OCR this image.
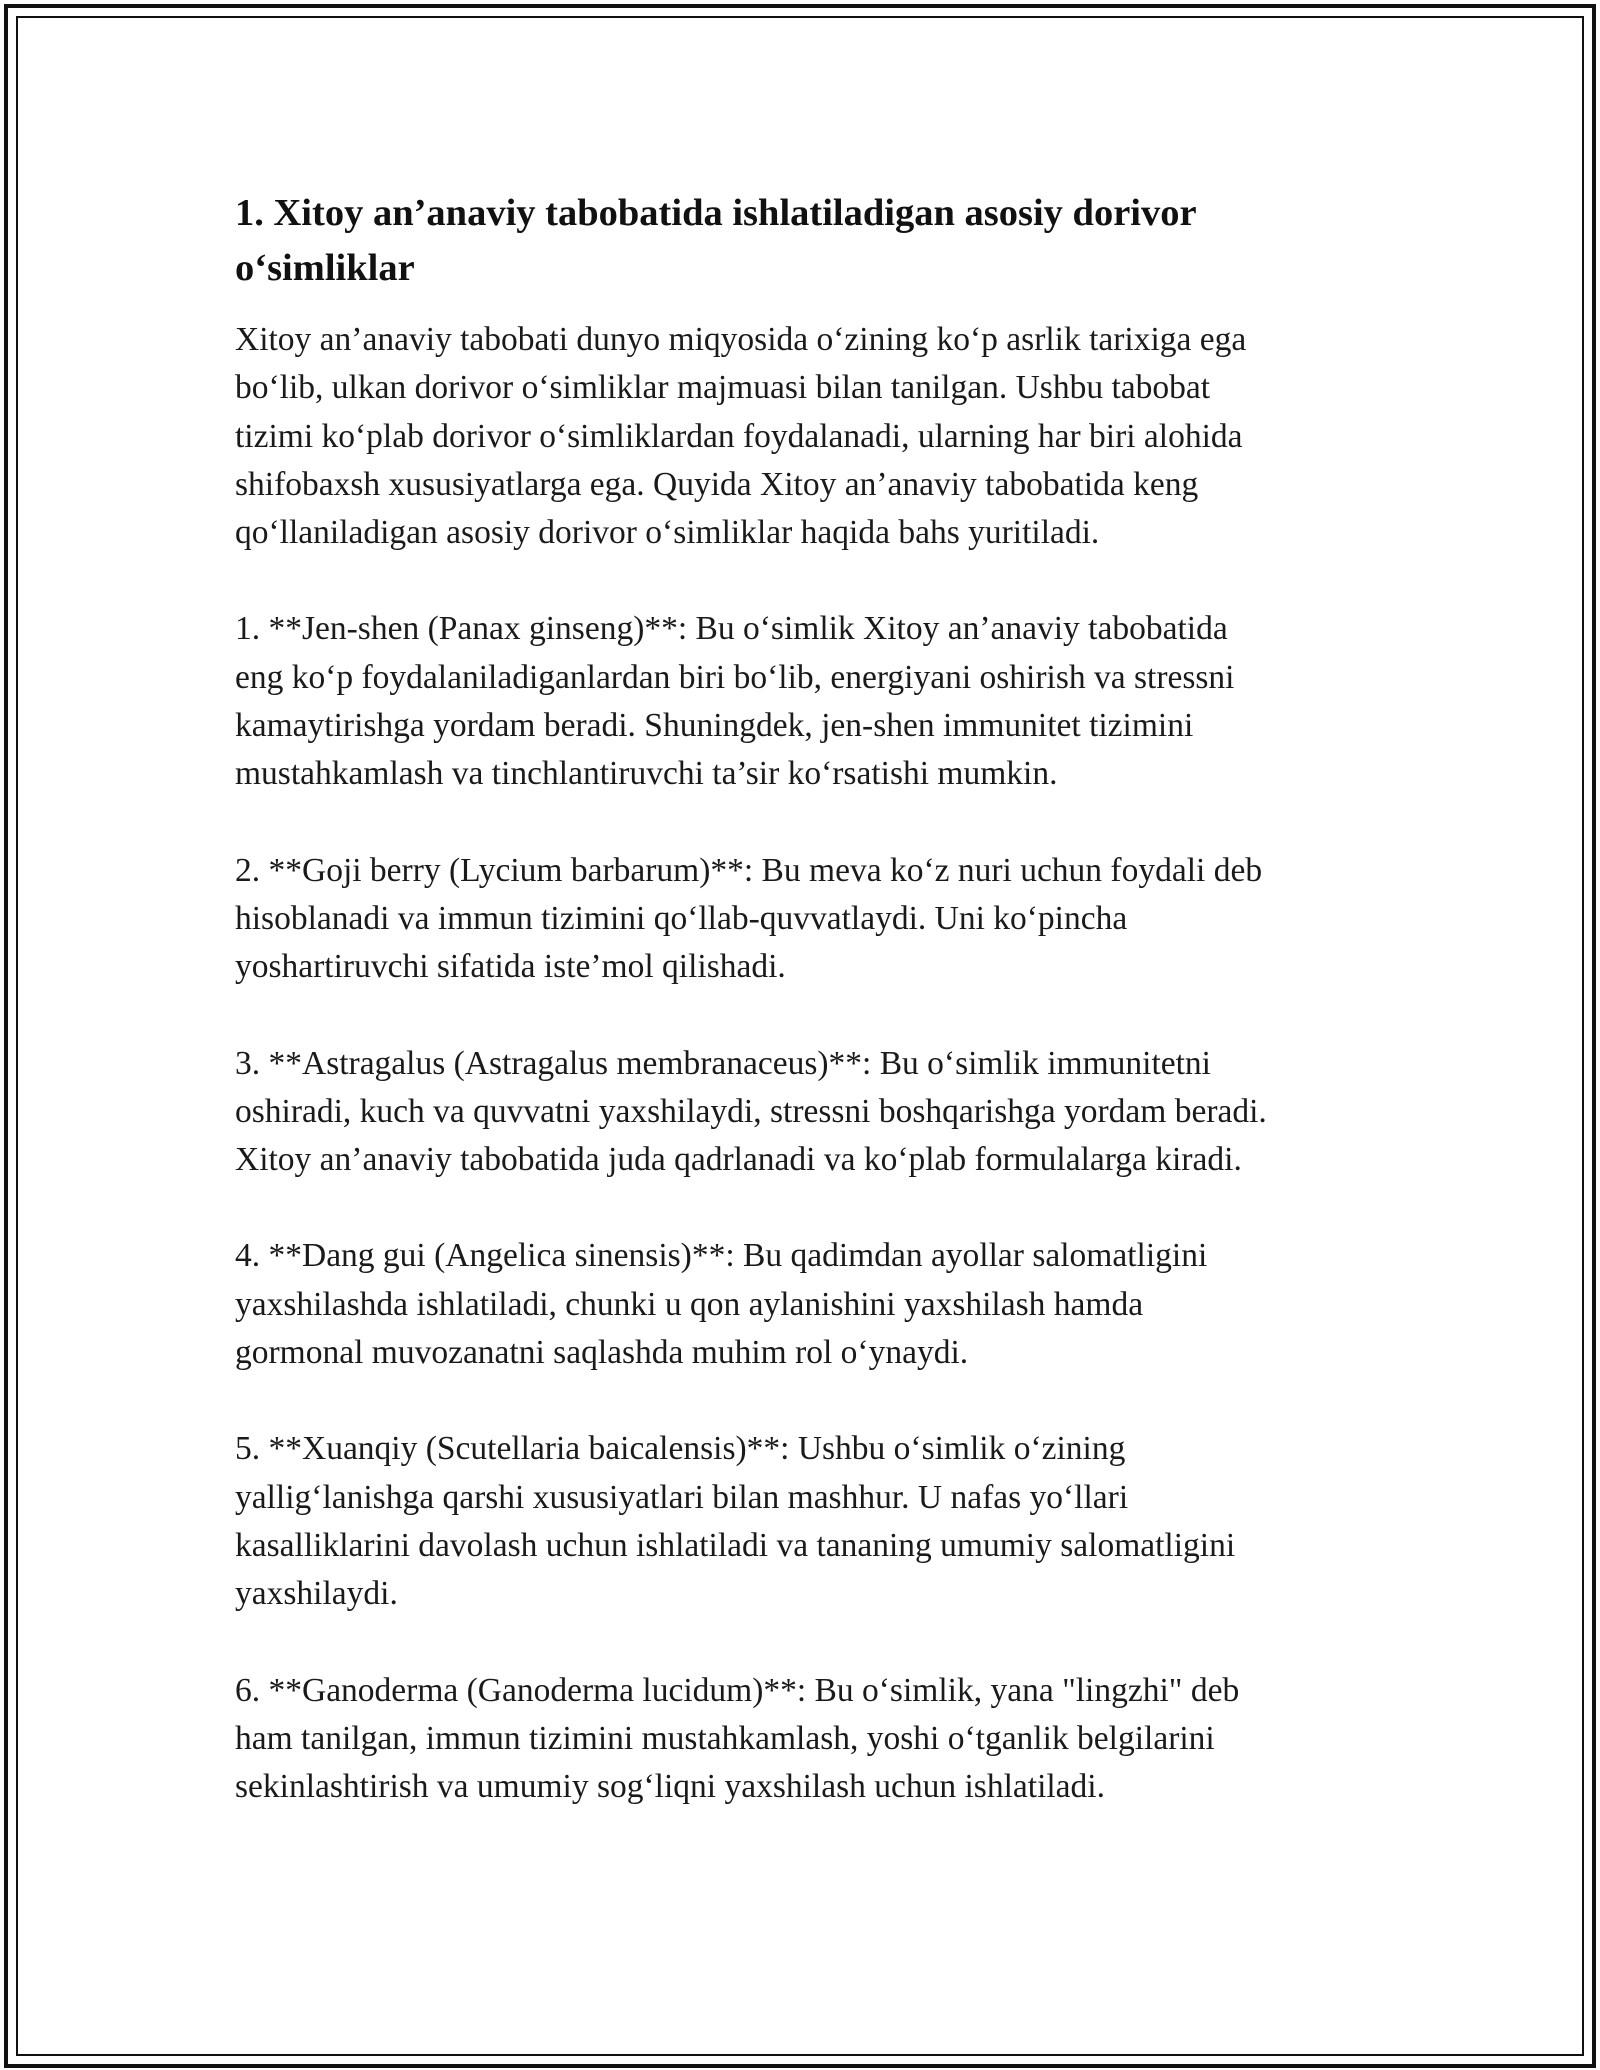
1. Xitoy an’anaviy tabobatida ishlatiladigan asosiy dorivor
o‘simliklar

Xitoy an’anaviy tabobati dunyo miqyosida o‘zining ko‘p asrlik tarixiga ega
bo‘lib, ulkan dorivor o‘simliklar majmuasi bilan tanilgan. Ushbu tabobat
tizimi ko‘plab dorivor o‘simliklardan foydalanadi, ularning har biri alohida
shifobaxsh xususiyatlarga ega. Quyida Xitoy an’anaviy tabobatida keng
qo‘llaniladigan asosiy dorivor o‘simliklar haqida bahs yuritiladi.

1. **Jen-shen (Panax ginseng)**: Bu o‘simlik Xitoy an’anaviy tabobatida
eng ko‘p foydalaniladiganlardan biri bo‘lib, energiyani oshirish va stressni
kamaytirishga yordam beradi. Shuningdek, jen-shen immunitet tizimini
mustahkamlash va tinchlantiruvchi ta’sir ko‘rsatishi mumkin.

2. **Goji berry (Lycium barbarum)**: Bu meva ko‘z nuri uchun foydali deb
hisoblanadi va immun tizimini qo‘llab-quvvatlaydi. Uni ko‘pincha
yoshartiruvchi sifatida iste’mol qilishadi.

3. **Astragalus (Astragalus membranaceus)**: Bu o‘simlik immunitetni
oshiradi, kuch va quvvatni yaxshilaydi, stressni boshqarishga yordam beradi.
Xitoy an’anaviy tabobatida juda qadrlanadi va ko‘plab formulalarga kiradi.

4. **Dang gui (Angelica sinensis)**: Bu qadimdan ayollar salomatligini
yaxshilashda ishlatiladi, chunki u qon aylanishini yaxshilash hamda
gormonal muvozanatni saqlashda muhim rol o‘ynaydi.

5. **Xuanqiy (Scutellaria baicalensis)**: Ushbu o‘simlik o‘zining
yallig‘lanishga qarshi xususiyatlari bilan mashhur. U nafas yo‘llari
kasalliklarini davolash uchun ishlatiladi va tananing umumiy salomatligini
yaxshilaydi.

6. **Ganoderma (Ganoderma lucidum)**: Bu o‘simlik, yana "lingzhi" deb
ham tanilgan, immun tizimini mustahkamlash, yoshi o‘tganlik belgilarini
sekinlashtirish va umumiy sog‘liqni yaxshilash uchun ishlatiladi.
